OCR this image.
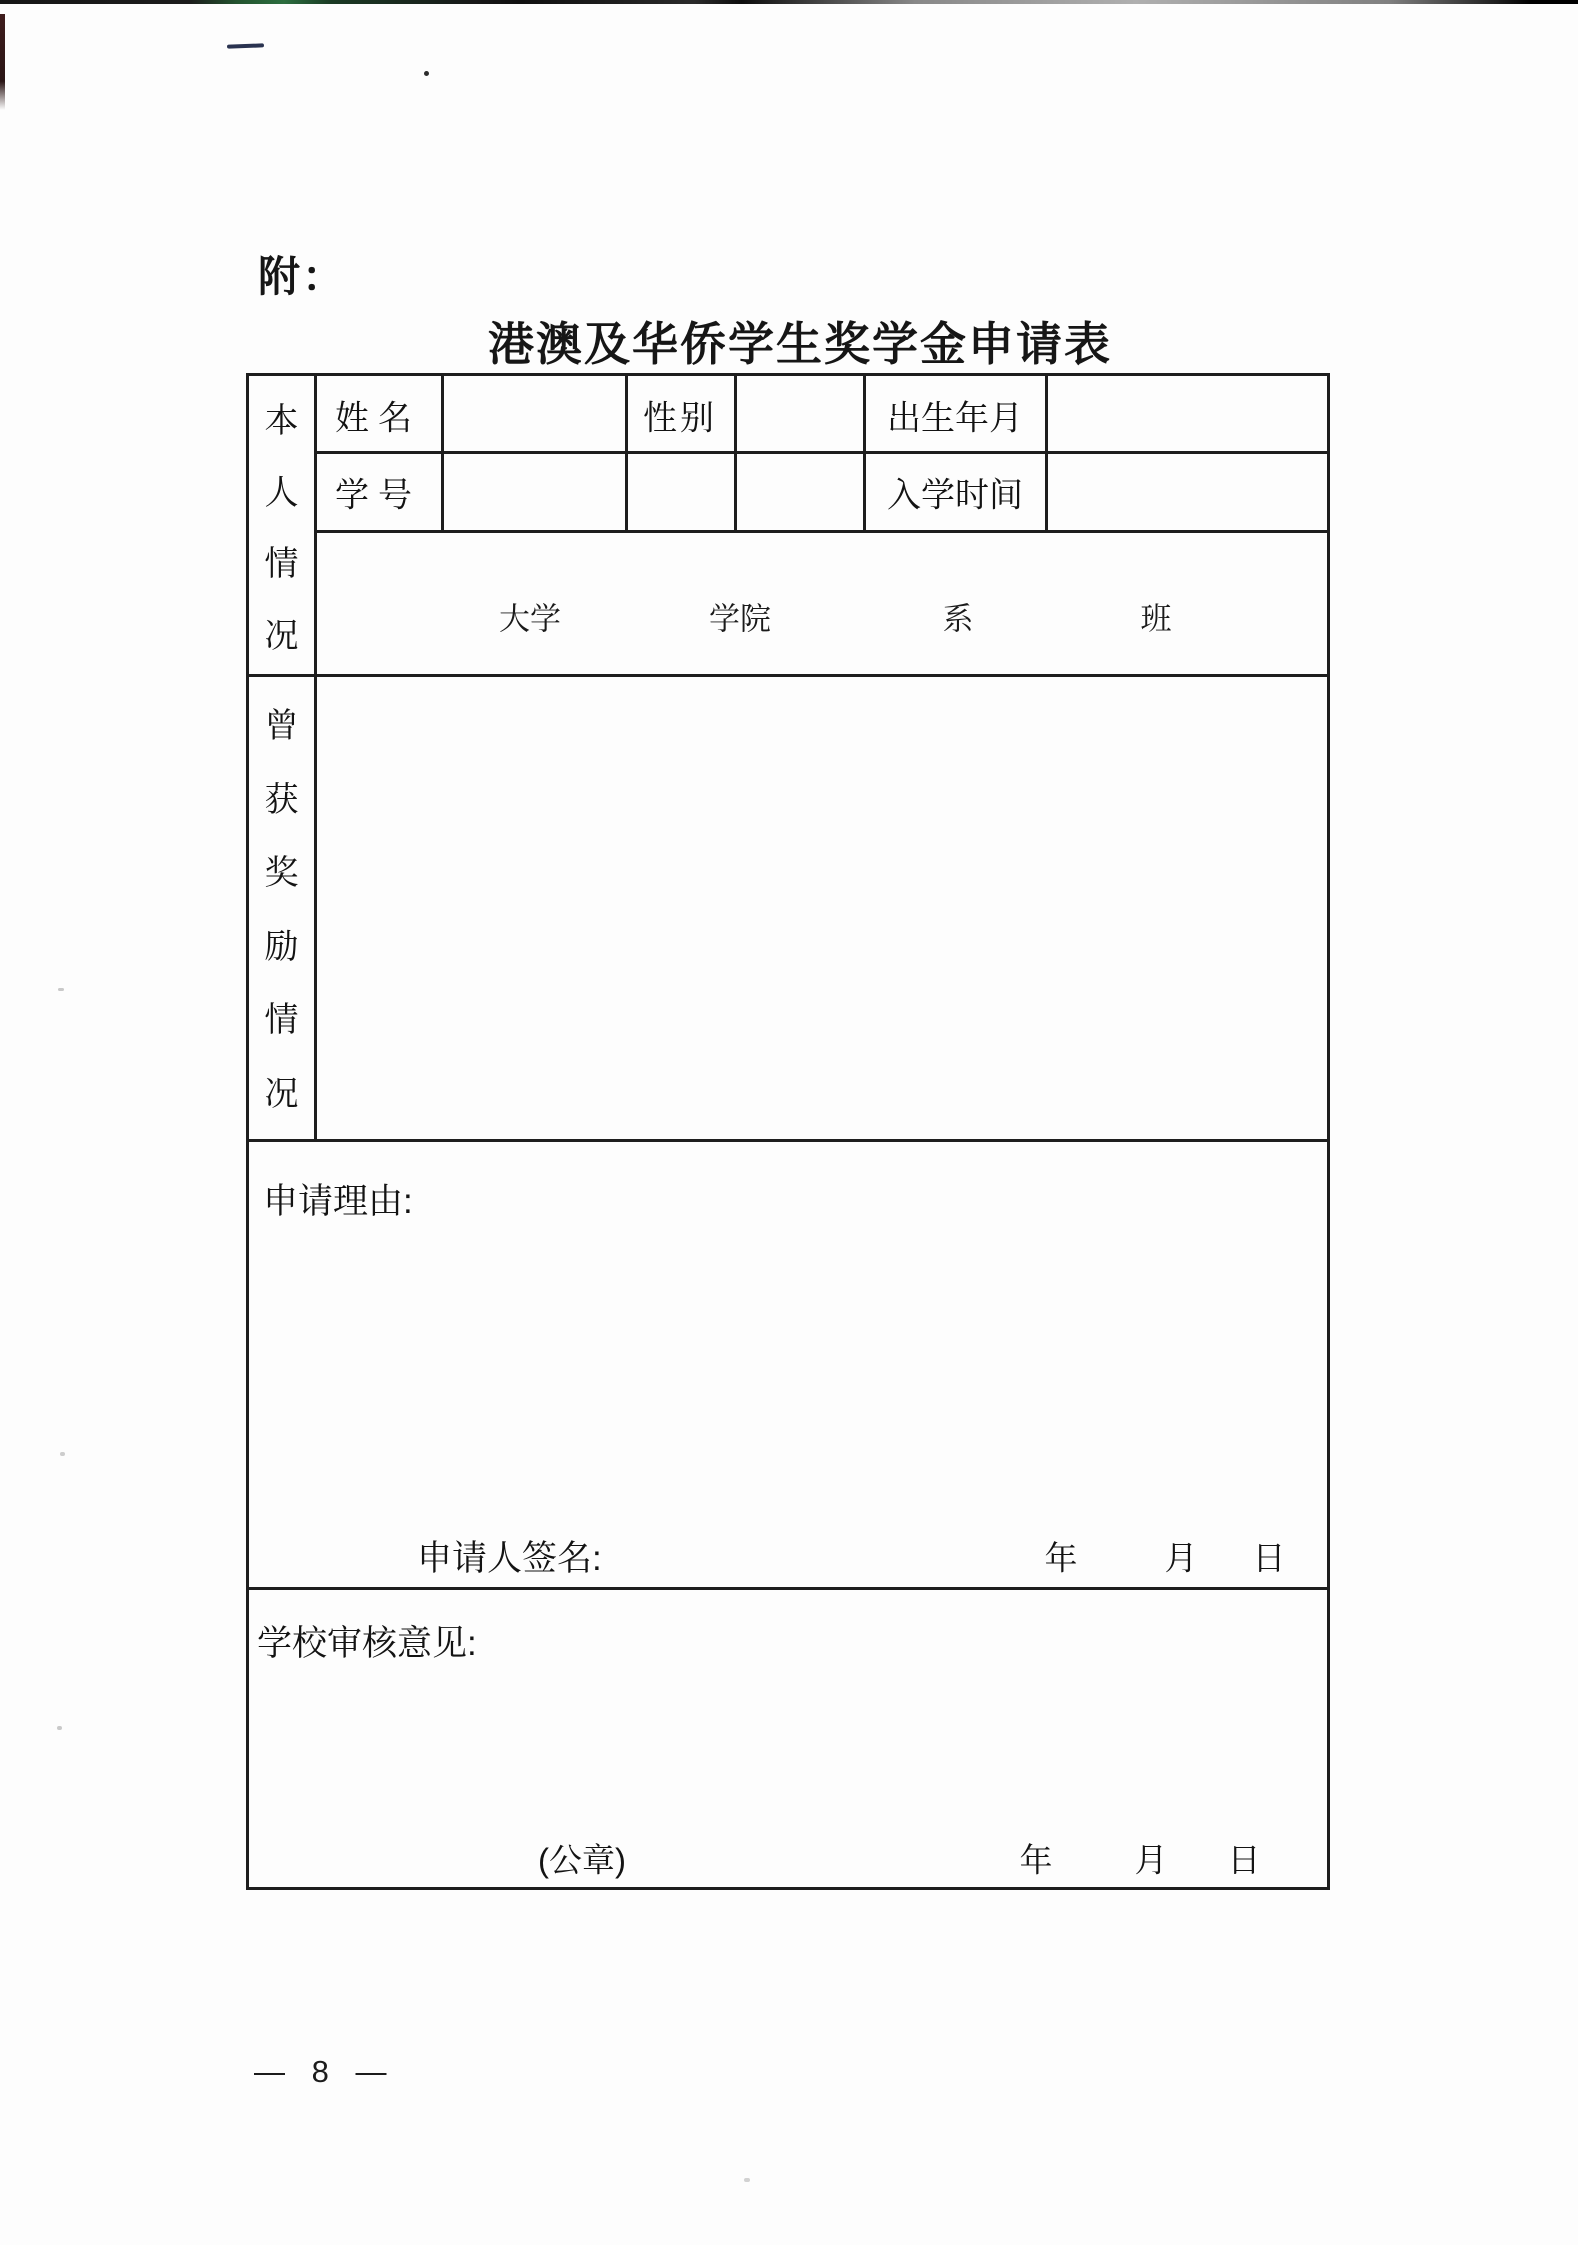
附：
港澳及华侨学生奖学金申请表
本
人
情
况
曾
获
奖
励
情
况
姓名	性别	出生年月
学号	入学时间
大学	学院	系	班
申请理由:
申请人签名:	年	月 日
学校审核意见:
(公章)	年 月 日
— 8 —
